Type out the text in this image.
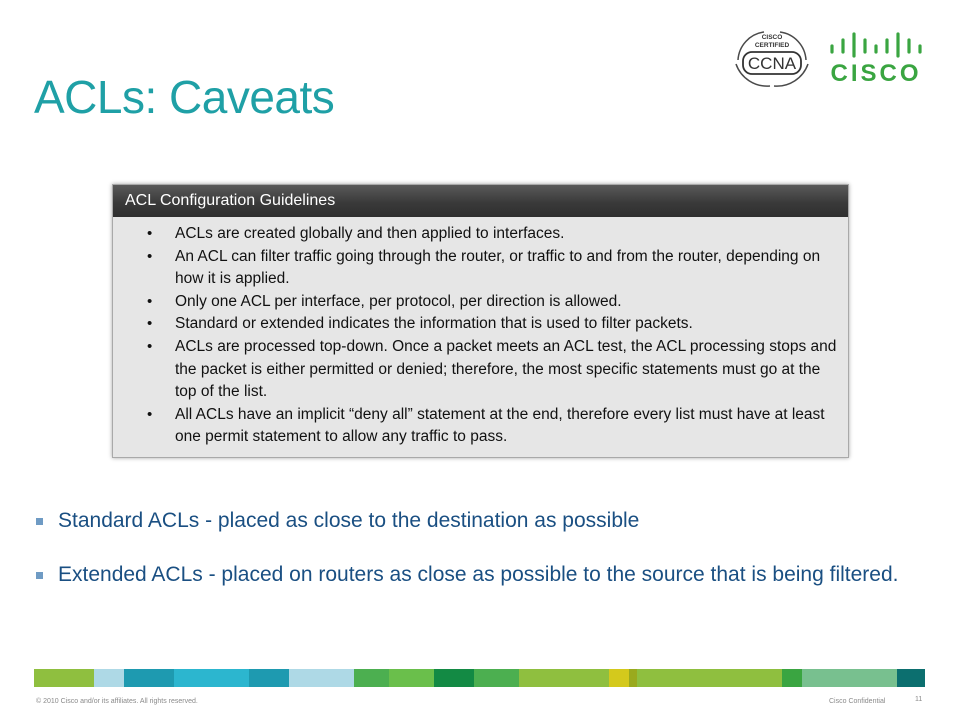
ACLs: Caveats
CISCO
CERTIFIED
CCNA CISCO
ACL Configuration Guidelines
• ACLs are created globally and then applied to interfaces.
• An ACL can filter traffic going through the router, or traffic to and from the router, depending on how it is applied.
• Only one ACL per interface, per protocol, per direction is allowed.
• Standard or extended indicates the information that is used to filter packets.
• ACLs are processed top-down. Once a packet meets an ACL test, the ACL processing stops and the packet is either permitted or denied; therefore, the most specific statements must go at the top of the list.
• All ACLs have an implicit “deny all” statement at the end, therefore every list must have at least one permit statement to allow any traffic to pass.
Standard ACLs - placed as close to the destination as possible
Extended ACLs - placed on routers as close as possible to the source that is being filtered.
© 2010 Cisco and/or its affiliates. All rights reserved.	Cisco Confidential	11
